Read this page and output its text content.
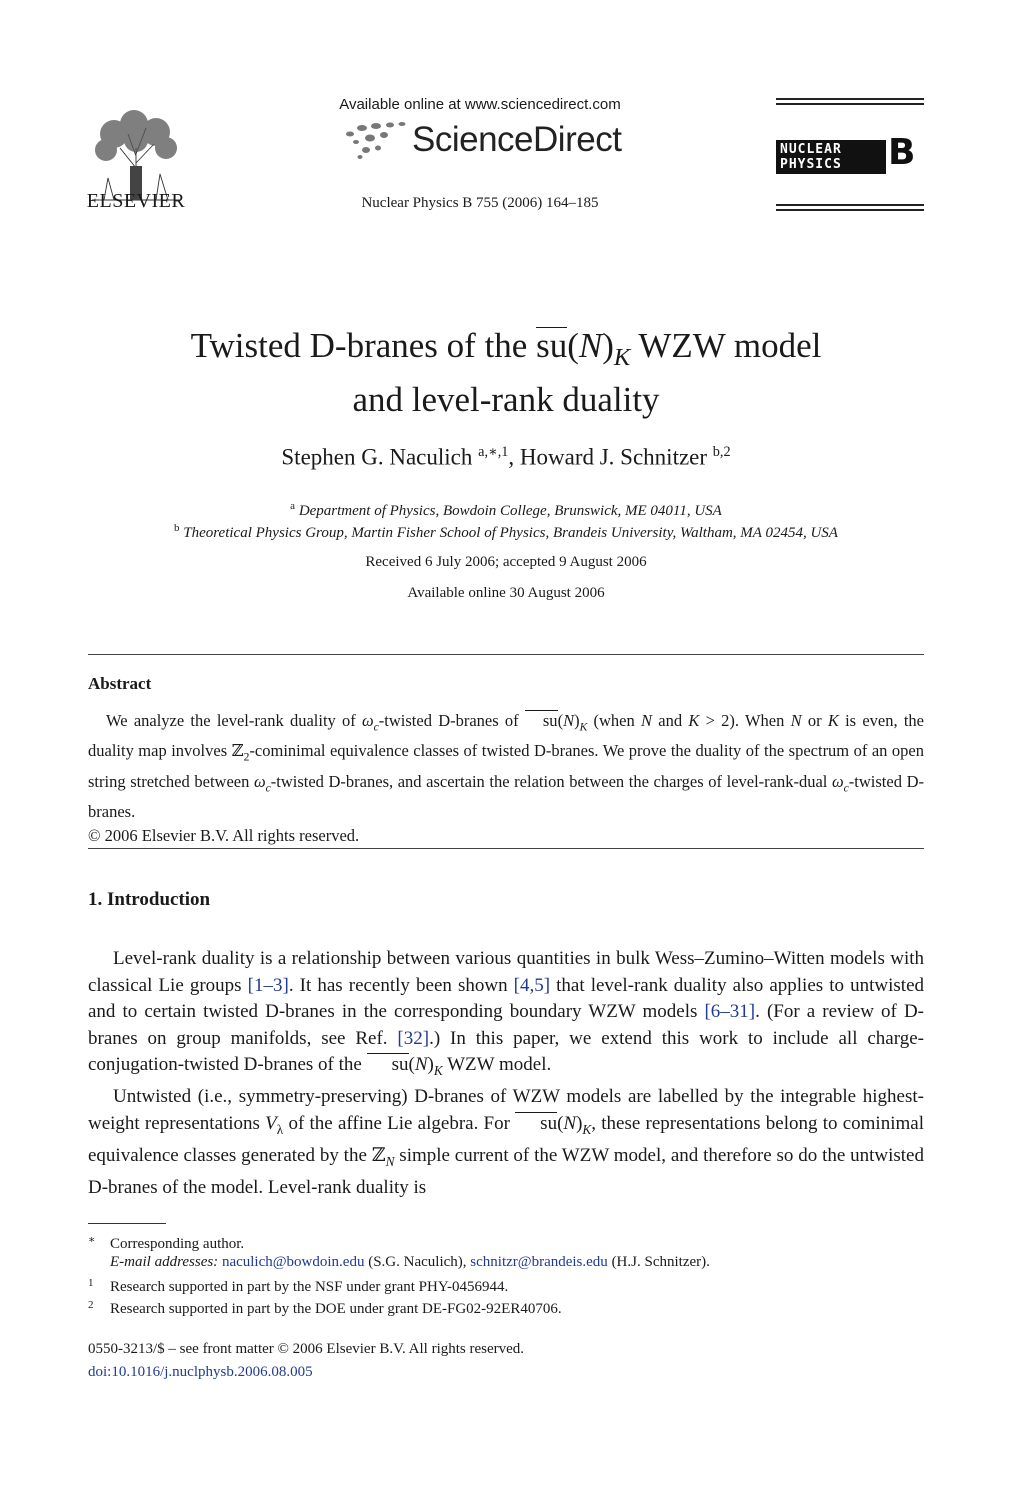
ELSEVIER
Available online at www.sciencedirect.com
ScienceDirect
Nuclear Physics B 755 (2006) 164–185
NUCLEAR
PHYSICS	B
Twisted D-branes of the $su(N)_K$ WZW model
and level-rank duality
Stephen G. Naculich $^{a,∗,1}$, Howard J. Schnitzer $^{b,2}$
$^a$ Department of Physics, Bowdoin College, Brunswick, ME 04011, USA
$^b$ Theoretical Physics Group, Martin Fisher School of Physics, Brandeis University, Waltham, MA 02454, USA
Received 6 July 2006; accepted 9 August 2006
Available online 30 August 2006
Abstract

We analyze the level-rank duality of $\omega_c$-twisted D-branes of $su(N)_K$ (when N and K > 2). When N or K is even, the duality map involves ℤ$_2$-cominimal equivalence classes of twisted D-branes. We prove the duality of the spectrum of an open string stretched between $\omega_c$-twisted D-branes, and ascertain the relation between the charges of level-rank-dual $\omega_c$-twisted D-branes.

© 2006 Elsevier B.V. All rights reserved.
1. Introduction

Level-rank duality is a relationship between various quantities in bulk Wess–Zumino–Witten models with classical Lie groups [1–3]. It has recently been shown [4,5] that level-rank duality also applies to untwisted and to certain twisted D-branes in the corresponding boundary WZW models [6–31]. (For a review of D-branes on group manifolds, see Ref. [32].) In this paper, we extend this work to include all charge-conjugation-twisted D-branes of the $su(N)_K$ WZW model.

Untwisted (i.e., symmetry-preserving) D-branes of WZW models are labelled by the integrable highest-weight representations $V_\lambda$ of the affine Lie algebra. For $su(N)_K$, these representations belong to cominimal equivalence classes generated by the ℤ$_N$ simple current of the WZW model, and therefore so do the untwisted D-branes of the model. Level-rank duality is

∗ Corresponding author.
E-mail addresses: naculich@bowdoin.edu (S.G. Naculich), schnitzr@brandeis.edu (H.J. Schnitzer).
$^1$ Research supported in part by the NSF under grant PHY-0456944.
$^2$ Research supported in part by the DOE under grant DE-FG02-92ER40706.
0550-3213/$ – see front matter © 2006 Elsevier B.V. All rights reserved.
doi:10.1016/j.nuclphysb.2006.08.005
